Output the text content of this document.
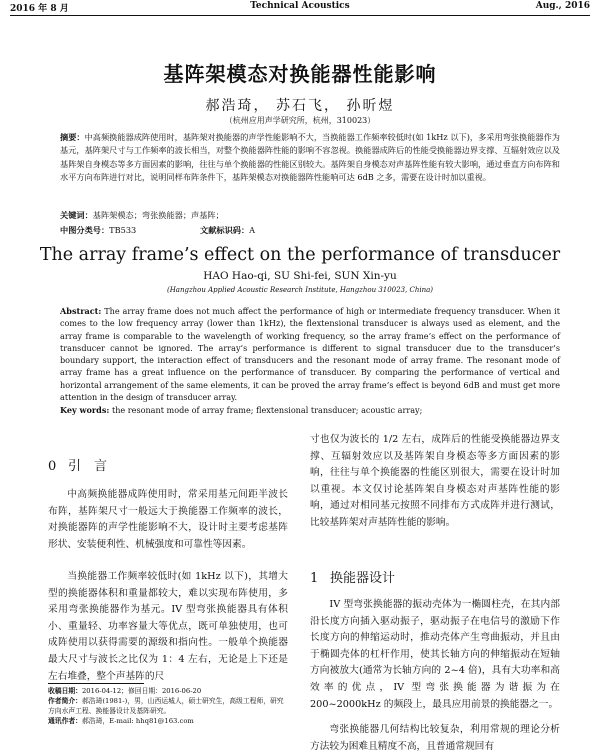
2016 年 8 月	Technical Acoustics	Aug., 2016
基阵架模态对换能器性能影响
郝浩琦， 苏石飞， 孙昕煜
（杭州应用声学研究所，杭州，310023）
摘要：中高频换能器成阵使用时，基阵架对换能器的声学性能影响不大，当换能器工作频率较低时(如 1kHz 以下)，多采用弯张换能器作为基元，基阵架尺寸与工作频率的波长相当，对整个换能器阵性能的影响不容忽视。换能器成阵后的性能受换能器边界支撑、互辐射效应以及基阵架自身模态等多方面因素的影响，往往与单个换能器的性能区别较大。基阵架自身模态对声基阵性能有较大影响，通过垂直方向布阵和水平方向布阵进行对比，说明同样布阵条件下，基阵架模态对换能器阵性能响可达 6dB 之多，需要在设计时加以重视。
关键词：基阵架模态；弯张换能器；声基阵；
中图分类号：TB533	文献标识码：A
The array frame’s effect on the performance of transducer
HAO Hao-qi, SU Shi-fei, SUN Xin-yu
(Hangzhou Applied Acoustic Research Institute, Hangzhou 310023, China)
Abstract: The array frame does not much affect the performance of high or intermediate frequency transducer. When it comes to the low frequency array (lower than 1kHz), the flextensional transducer is always used as element, and the array frame is comparable to the wavelength of working frequency, so the array frame’s effect on the performance of transducer cannot be ignored. The array’s performance is different to signal transducer due to the transducer’s boundary support, the interaction effect of transducers and the resonant mode of array frame. The resonant mode of array frame has a great influence on the performance of transducer. By comparing the performance of vertical and horizontal arrangement of the same elements, it can be proved the array frame’s effect is beyond 6dB and must get more attention in the design of transducer array.
Key words: the resonant mode of array frame; flextensional transducer; acoustic array;
0 引　言
中高频换能器成阵使用时，常采用基元间距半波长布阵，基阵架尺寸一般远大于换能器工作频率的波长，对换能器阵的声学性能影响不大，设计时主要考虑基阵形状、安装便利性、机械强度和可靠性等因素。
当换能器工作频率较低时(如 1kHz 以下)，其增大型的换能器体积和重量都较大，难以实现布阵使用，多采用弯张换能器作为基元。IV 型弯张换能器具有体积小、重量轻、功率容量大等优点，既可单独使用，也可成阵使用以获得需要的源级和指向性。一般单个换能器最大尺寸与波长之比仅为 1：4 左右，无论是上下还是左右堆叠，整个声基阵的尺
收稿日期：2016-04-12；修回日期：2016-06-20
作者简介：郝浩琦(1981-)，男，山西运城人，硕士研究生，高级工程师，研究方向水声工程、换能器设计及基阵研究。
通讯作者：郝浩琦，E-mail: hhq81@163.com
寸也仅为波长的 1/2 左右，成阵后的性能受换能器边界支撑、互辐射效应以及基阵架自身模态等多方面因素的影响，往往与单个换能器的性能区别很大，需要在设计时加以重视。本文仅讨论基阵架自身模态对声基阵性能的影响，通过对相同基元按照不同排布方式成阵并进行测试，比较基阵架对声基阵性能的影响。
1 换能器设计
IV 型弯张换能器的振动壳体为一椭圆柱壳，在其内部沿长度方向插入驱动振子，驱动振子在电信号的激励下作长度方向的伸缩运动时，推动壳体产生弯曲振动，并且由于椭圆壳体的杠杆作用，使其长轴方向的伸缩振动在短轴方向被放大(通常为长轴方向的 2~4 倍)，具有大功率和高效率的优点，IV 型弯张换能器为谐振为在 200~2000kHz 的频段上，最具应用前景的换能器之一。
弯张换能器几何结构比较复杂，利用常规的理论分析方法较为困难且精度不高，且普通常规回有
